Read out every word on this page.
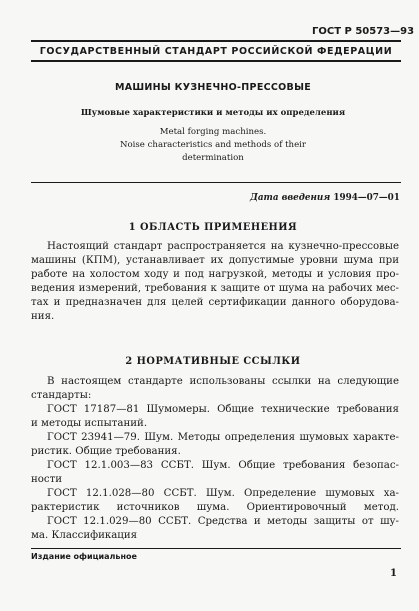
ГОСТ Р 50573—93
ГОСУДАРСТВЕННЫЙ СТАНДАРТ РОССИЙСКОЙ ФЕДЕРАЦИИ
МАШИНЫ КУЗНЕЧНО-ПРЕССОВЫЕ
Шумовые характеристики и методы их определения
Metal forging machines.
Noise characteristics and methods of their
determination
Дата введения 1994—07—01
1 ОБЛАСТЬ ПРИМЕНЕНИЯ
Настоящий стандарт распространяется на кузнечно-прессовые
машины (КПМ), устанавливает их допустимые уровни шума при
работе на холостом ходу и под нагрузкой, методы и условия про-
ведения измерений, требования к защите от шума на рабочих мес-
тах и предназначен для целей сертификации данного оборудова-
ния.
2 НОРМАТИВНЫЕ ССЫЛКИ
В настоящем стандарте использованы ссылки на следующие
стандарты:
ГОСТ 17187—81 Шумомеры. Общие технические требования
и методы испытаний.
ГОСТ 23941—79. Шум. Методы определения шумовых характе-
ристик. Общие требования.
ГОСТ 12.1.003—83 ССБТ. Шум. Общие требования безопас-
ности
ГОСТ 12.1.028—80 ССБТ. Шум. Определение шумовых ха-
рактеристик источников шума. Ориентировочный метод.
ГОСТ 12.1.029—80 ССБТ. Средства и методы защиты от шу-
ма. Классификация
Издание официальное
1
